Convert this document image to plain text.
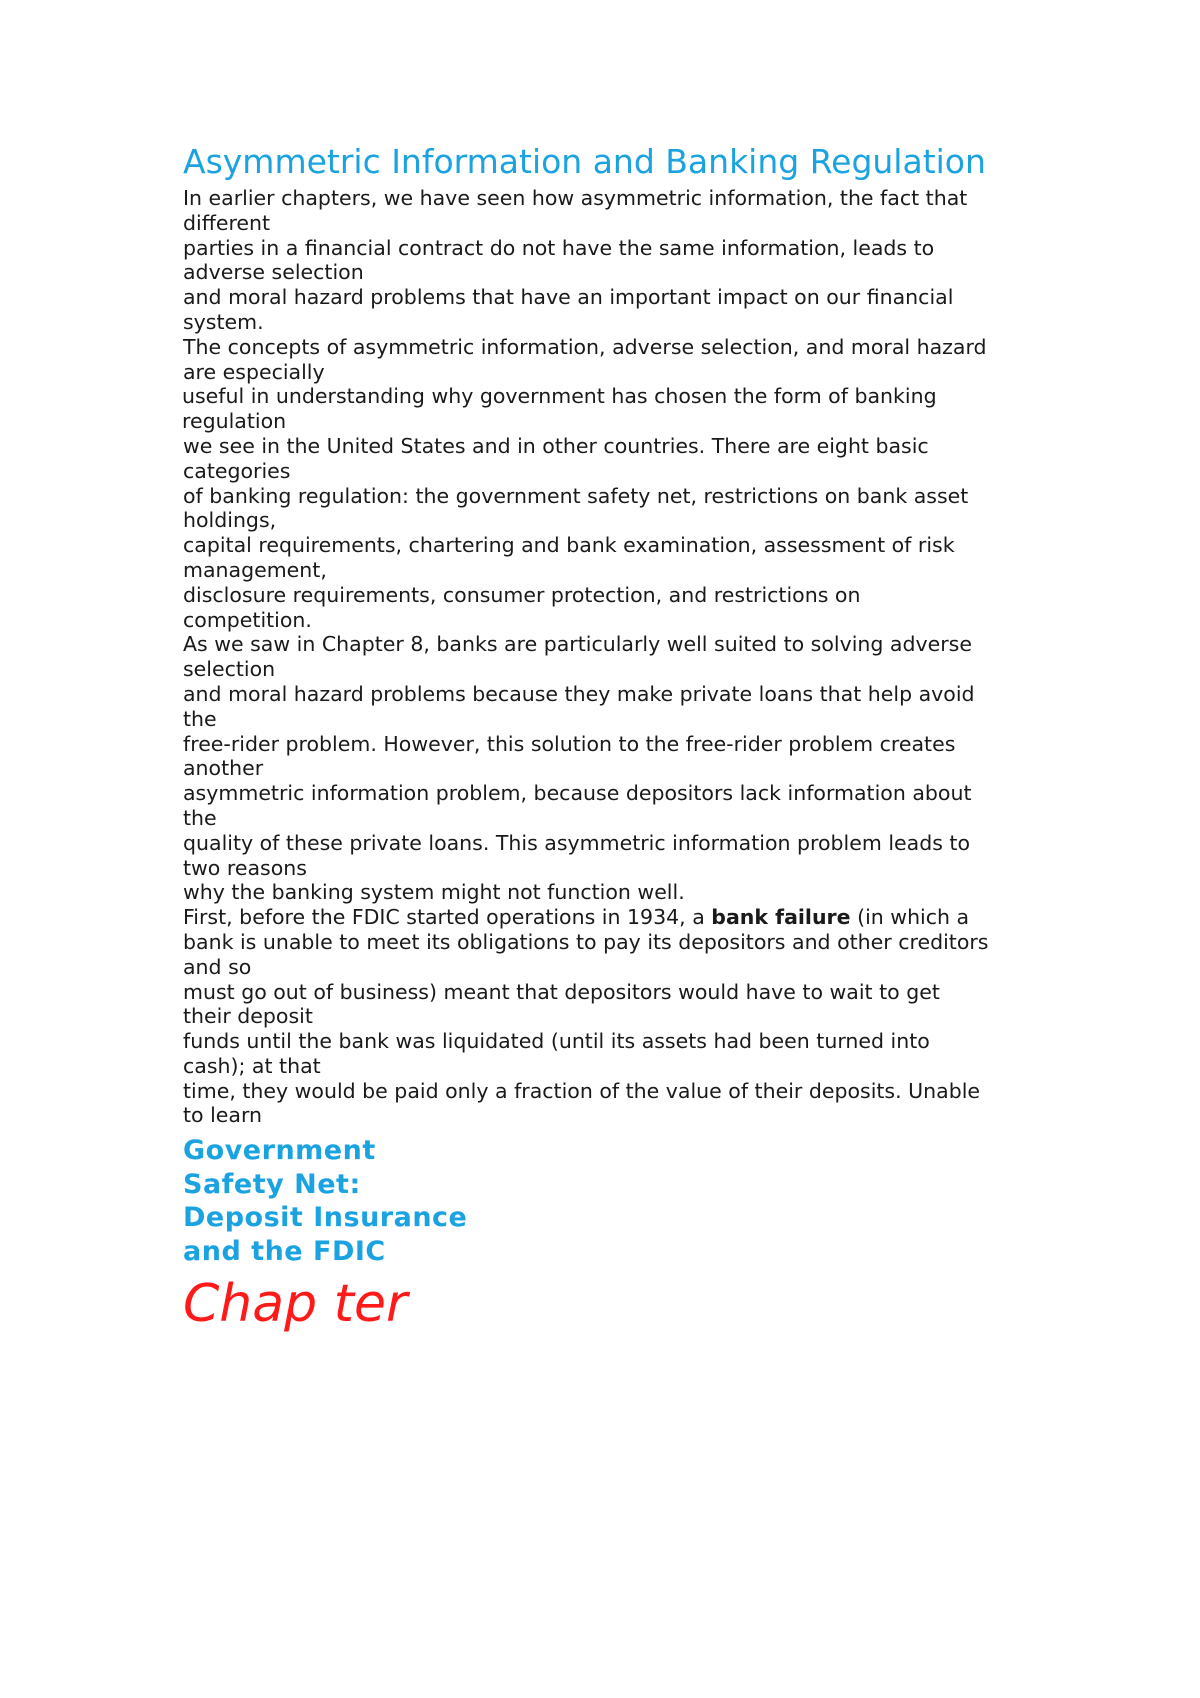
Asymmetric Information and Banking Regulation
In earlier chapters, we have seen how asymmetric information, the fact that
different
parties in a financial contract do not have the same information, leads to
adverse selection
and moral hazard problems that have an important impact on our financial
system.
The concepts of asymmetric information, adverse selection, and moral hazard
are especially
useful in understanding why government has chosen the form of banking
regulation
we see in the United States and in other countries. There are eight basic
categories
of banking regulation: the government safety net, restrictions on bank asset
holdings,
capital requirements, chartering and bank examination, assessment of risk
management,
disclosure requirements, consumer protection, and restrictions on
competition.
As we saw in Chapter 8, banks are particularly well suited to solving adverse
selection
and moral hazard problems because they make private loans that help avoid
the
free-rider problem. However, this solution to the free-rider problem creates
another
asymmetric information problem, because depositors lack information about
the
quality of these private loans. This asymmetric information problem leads to
two reasons
why the banking system might not function well.
First, before the FDIC started operations in 1934, a bank failure (in which a
bank is unable to meet its obligations to pay its depositors and other creditors
and so
must go out of business) meant that depositors would have to wait to get
their deposit
funds until the bank was liquidated (until its assets had been turned into
cash); at that
time, they would be paid only a fraction of the value of their deposits. Unable
to learn
Government
Safety Net:
Deposit Insurance
and the FDIC
Chap ter
